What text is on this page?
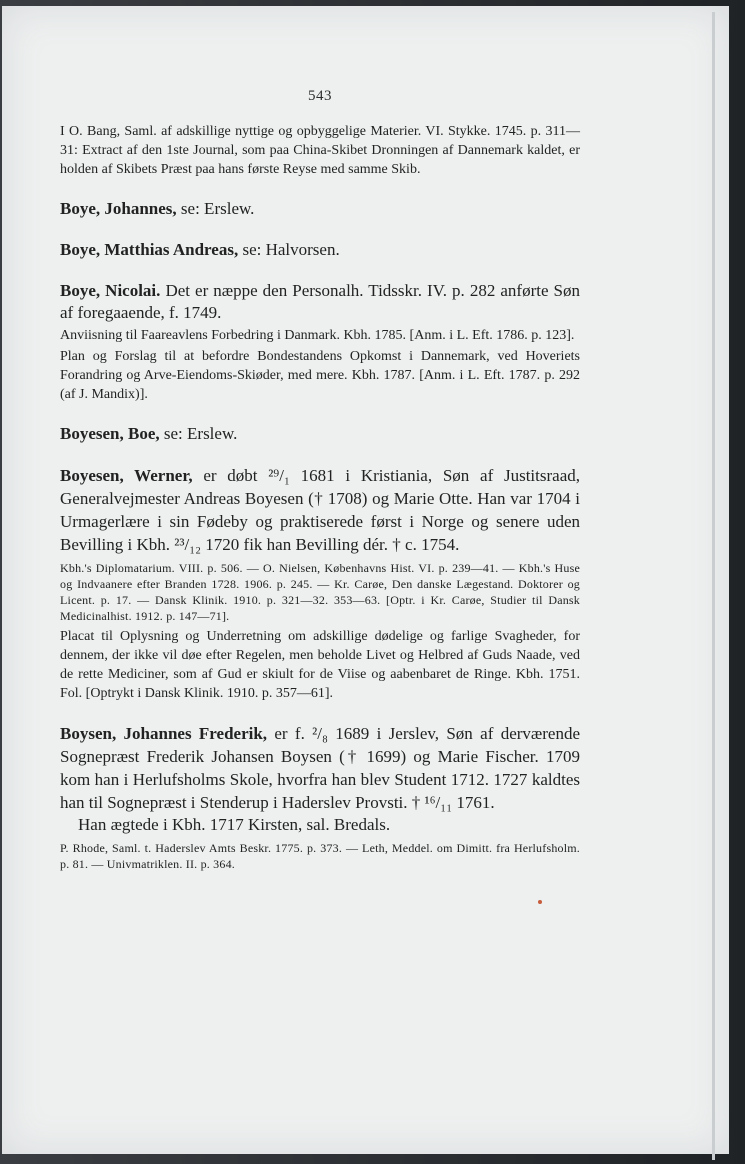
543

I O. Bang, Saml. af adskillige nyttige og opbyggelige Materier. VI. Stykke. 1745. p. 311—31: Extract af den 1ste Journal, som paa China-Skibet Dronningen af Dannemark kaldet, er holden af Skibets Præst paa hans første Reyse med samme Skib.

Boye, Johannes, se: Erslew.

Boye, Matthias Andreas, se: Halvorsen.

Boye, Nicolai. Det er næppe den Personalh. Tidsskr. IV. p. 282 anførte Søn af foregaaende, f. 1749.

Anviisning til Faareavlens Forbedring i Danmark. Kbh. 1785. [Anm. i L. Eft. 1786. p. 123].

Plan og Forslag til at befordre Bondestandens Opkomst i Dannemark, ved Hoveriets Forandring og Arve-Eiendoms-Skiøder, med mere. Kbh. 1787. [Anm. i L. Eft. 1787. p. 292 (af J. Mandix)].

Boyesen, Boe, se: Erslew.

Boyesen, Werner, er døbt ²⁹/₁ 1681 i Kristiania, Søn af Justitsraad, Generalvejmester Andreas Boyesen († 1708) og Marie Otte. Han var 1704 i Urmagerlære i sin Fødeby og praktiserede først i Norge og senere uden Bevilling i Kbh. ²³/₁₂ 1720 fik han Bevilling dér. † c. 1754.

Kbh.'s Diplomatarium. VIII. p. 506. — O. Nielsen, Københavns Hist. VI. p. 239—41. — Kbh.'s Huse og Indvaanere efter Branden 1728. 1906. p. 245. — Kr. Carøe, Den danske Lægestand. Doktorer og Licent. p. 17. — Dansk Klinik. 1910. p. 321—32. 353—63. [Optr. i Kr. Carøe, Studier til Dansk Medicinalhist. 1912. p. 147—71].

Placat til Oplysning og Underretning om adskillige dødelige og farlige Svagheder, for dennem, der ikke vil døe efter Regelen, men beholde Livet og Helbred af Guds Naade, ved de rette Mediciner, som af Gud er skiult for de Viise og aabenbaret de Ringe. Kbh. 1751. Fol. [Optrykt i Dansk Klinik. 1910. p. 357—61].

Boysen, Johannes Frederik, er f. ²/₈ 1689 i Jerslev, Søn af derværende Sognepræst Frederik Johansen Boysen († 1699) og Marie Fischer. 1709 kom han i Herlufsholms Skole, hvorfra han blev Student 1712. 1727 kaldtes han til Sognepræst i Stenderup i Haderslev Provsti. † ¹⁶/₁₁ 1761.

Han ægtede i Kbh. 1717 Kirsten, sal. Bredals.

P. Rhode, Saml. t. Haderslev Amts Beskr. 1775. p. 373. — Leth, Meddel. om Dimitt. fra Herlufsholm. p. 81. — Univmatriklen. II. p. 364.
